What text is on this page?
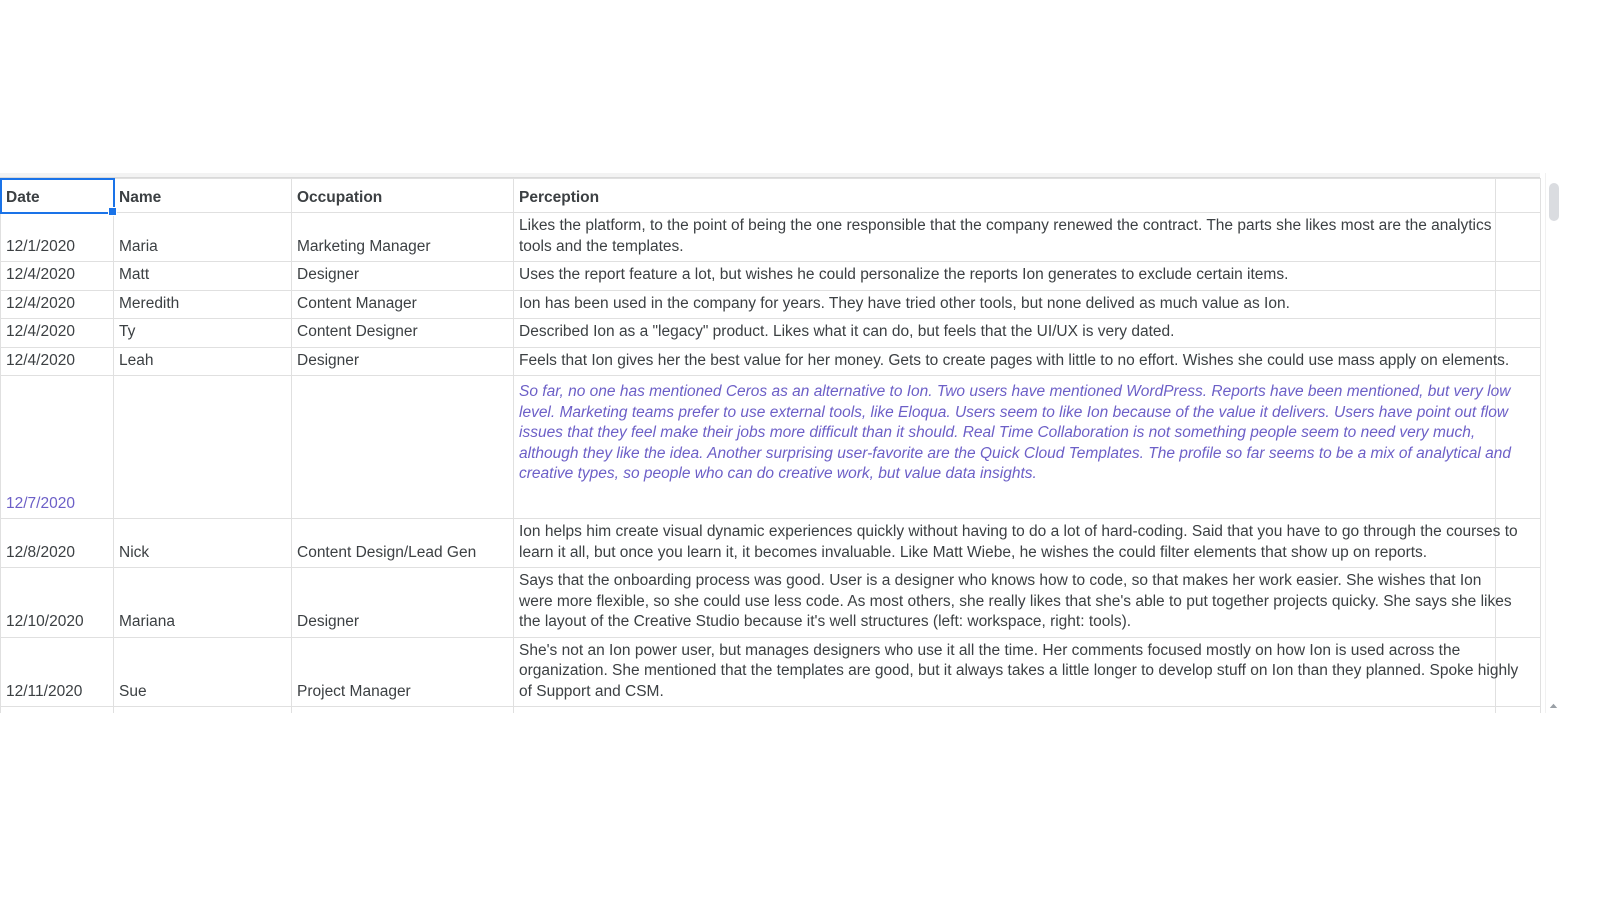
Date	Name	Occupation	Perception	

12/1/2020	Maria	Marketing Manager	Likes the platform, to the point of being the one responsible that the company renewed the contract. The parts she likes most are the analytics tools and the templates.	

12/4/2020	Matt	Designer	Uses the report feature a lot, but wishes he could personalize the reports Ion generates to exclude certain items.	

12/4/2020	Meredith	Content Manager	Ion has been used in the company for years. They have tried other tools, but none delived as much value as Ion.	

12/4/2020	Ty	Content Designer	Described Ion as a "legacy" product. Likes what it can do, but feels that the UI/UX is very dated.	

12/4/2020	Leah	Designer	Feels that Ion gives her the best value for her money. Gets to create pages with little to no effort. Wishes she could use mass apply on elements.	

12/7/2020			So far, no one has mentioned Ceros as an alternative to Ion. Two users have mentioned WordPress. Reports have been mentioned, but very low level. Marketing teams prefer to use external tools, like Eloqua. Users seem to like Ion because of the value it delivers. Users have point out flow issues that they feel make their jobs more difficult than it should. Real Time Collaboration is not something people seem to need very much, although they like the idea. Another surprising user-favorite are the Quick Cloud Templates. The profile so far seems to be a mix of analytical and creative types, so people who can do creative work, but value data insights.	

12/8/2020	Nick	Content Design/Lead Gen	Ion helps him create visual dynamic experiences quickly without having to do a lot of hard-coding. Said that you have to go through the courses to learn it all, but once you learn it, it becomes invaluable. Like Matt Wiebe, he wishes the could filter elements that show up on reports.	

12/10/2020	Mariana	Designer	Says that the onboarding process was good. User is a designer who knows how to code, so that makes her work easier. She wishes that Ion were more flexible, so she could use less code. As most others, she really likes that she's able to put together projects quicky. She says she likes the layout of the Creative Studio because it's well structures (left: workspace, right: tools).	

12/11/2020	Sue	Project Manager	She's not an Ion power user, but manages designers who use it all the time. Her comments focused mostly on how Ion is used across the organization. She mentioned that the templates are good, but it always takes a little longer to develop stuff on Ion than they planned. Spoke highly of Support and CSM.	
